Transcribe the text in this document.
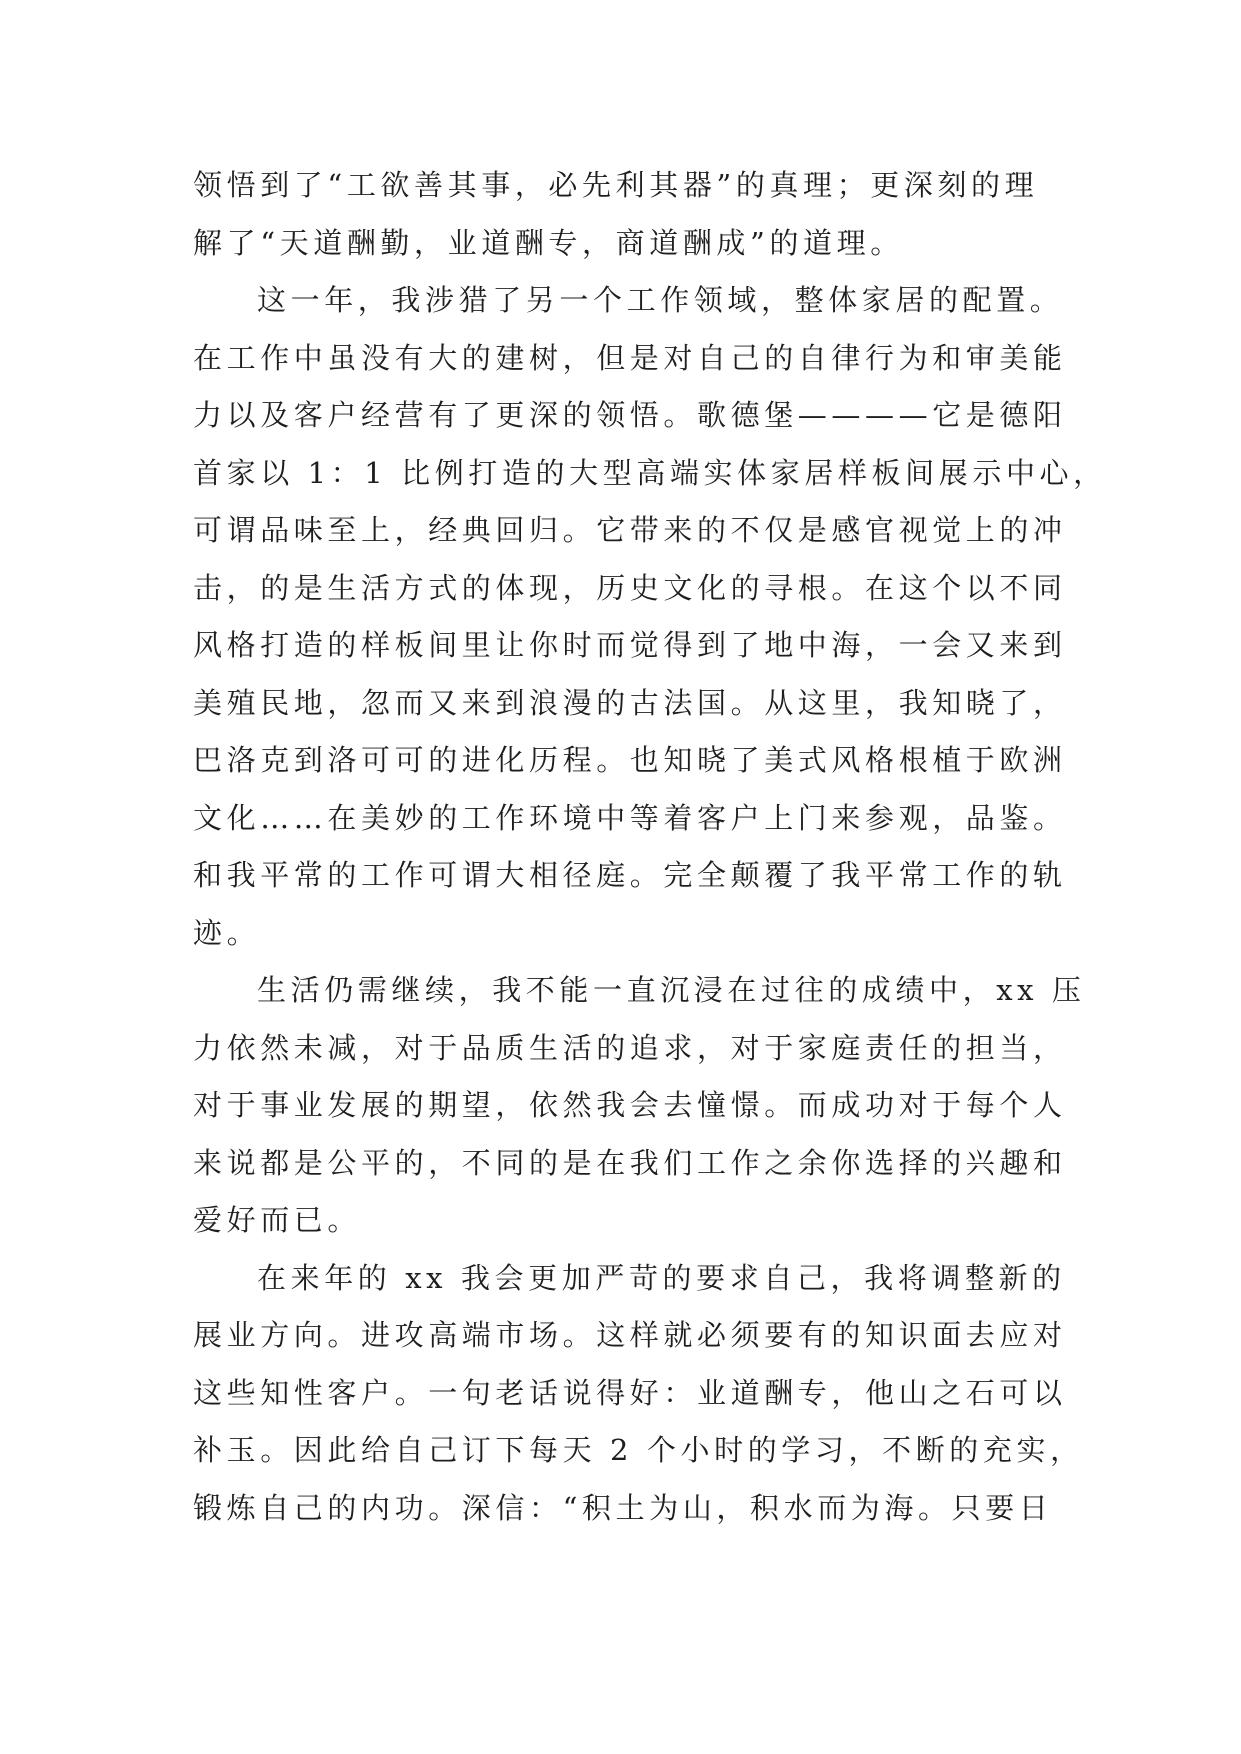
领悟到了“工欲善其事，必先利其器”的真理；更深刻的理
解了“天道酬勤，业道酬专，商道酬成”的道理。
这一年，我涉猎了另一个工作领域，整体家居的配置。
在工作中虽没有大的建树，但是对自己的自律行为和审美能
力以及客户经营有了更深的领悟。歌德堡————它是德阳
首家以 1：1 比例打造的大型高端实体家居样板间展示中心，
可谓品味至上，经典回归。它带来的不仅是感官视觉上的冲
击，的是生活方式的体现，历史文化的寻根。在这个以不同
风格打造的样板间里让你时而觉得到了地中海，一会又来到
美殖民地，忽而又来到浪漫的古法国。从这里，我知晓了，
巴洛克到洛可可的进化历程。也知晓了美式风格根植于欧洲
文化……在美妙的工作环境中等着客户上门来参观，品鉴。
和我平常的工作可谓大相径庭。完全颠覆了我平常工作的轨
迹。
生活仍需继续，我不能一直沉浸在过往的成绩中，xx 压
力依然未减，对于品质生活的追求，对于家庭责任的担当，
对于事业发展的期望，依然我会去憧憬。而成功对于每个人
来说都是公平的，不同的是在我们工作之余你选择的兴趣和
爱好而已。
在来年的 xx 我会更加严苛的要求自己，我将调整新的
展业方向。进攻高端市场。这样就必须要有的知识面去应对
这些知性客户。一句老话说得好：业道酬专，他山之石可以
补玉。因此给自己订下每天 2 个小时的学习，不断的充实，
锻炼自己的内功。深信：“积土为山，积水而为海。只要日
